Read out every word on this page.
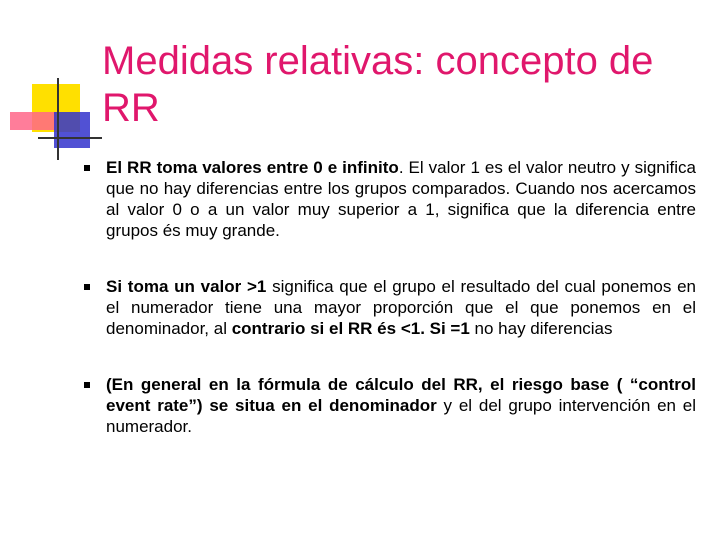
Medidas relativas: concepto de RR
El RR toma valores entre 0 e infinito. El valor 1 es el valor neutro y significa que no hay diferencias entre los grupos comparados. Cuando nos acercamos al valor 0 o a un valor muy superior a 1, significa que la diferencia entre grupos és muy grande.
Si toma un valor >1 significa que el grupo el resultado del cual ponemos en el numerador tiene una mayor proporción que el que ponemos en el denominador, al contrario si el RR és <1. Si =1 no hay diferencias
(En general en la fórmula de cálculo del RR, el riesgo base ( “control event rate”) se situa en el denominador y el del grupo intervención en el numerador.
